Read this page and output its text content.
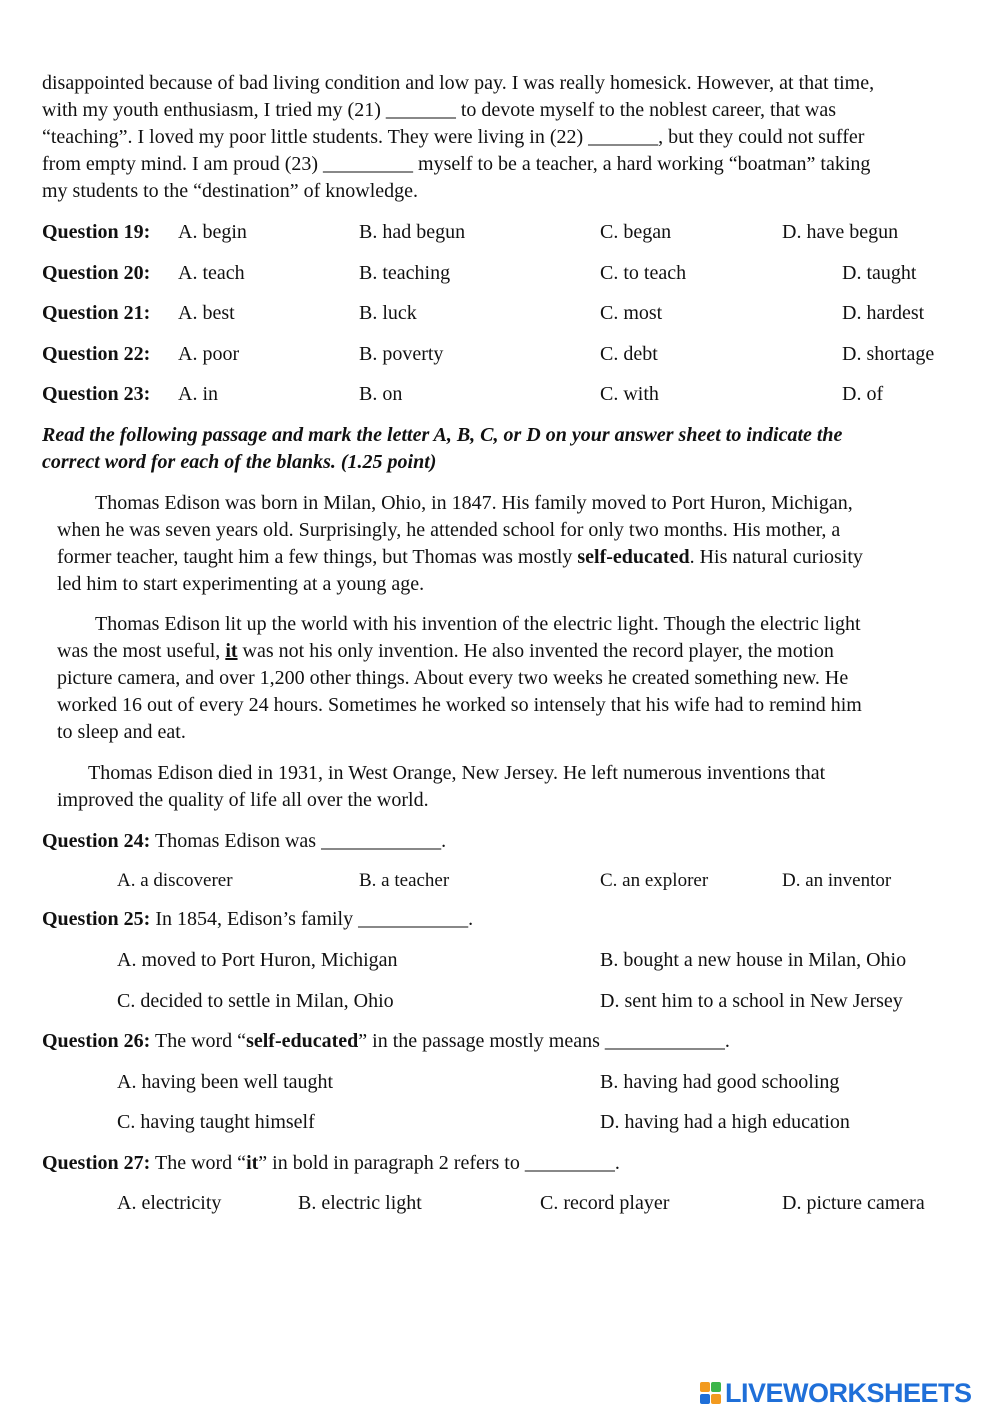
disappointed because of bad living condition and low pay. I was really homesick. However, at that time,
with my youth enthusiasm, I tried my (21) _______ to devote myself to the noblest career, that was
“teaching”. I loved my poor little students. They were living in (22) _______, but they could not suffer
from empty mind. I am proud (23) _________ myself to be a teacher, a hard working “boatman” taking
my students to the “destination” of knowledge.
Question 19: A. begin	B. had begun	C. began	D. have begun
Question 20: A. teach	B. teaching	C. to teach	D. taught
Question 21: A. best	B. luck	C. most	D. hardest
Question 22: A. poor	B. poverty	C. debt	D. shortage
Question 23: A. in	B. on	C. with	D. of
Read the following passage and mark the letter A, B, C, or D on your answer sheet to indicate the
correct word for each of the blanks. (1.25 point)
Thomas Edison was born in Milan, Ohio, in 1847. His family moved to Port Huron, Michigan,
when he was seven years old. Surprisingly, he attended school for only two months. His mother, a
former teacher, taught him a few things, but Thomas was mostly self-educated. His natural curiosity
led him to start experimenting at a young age.
Thomas Edison lit up the world with his invention of the electric light. Though the electric light
was the most useful, it was not his only invention. He also invented the record player, the motion
picture camera, and over 1,200 other things. About every two weeks he created something new. He
worked 16 out of every 24 hours. Sometimes he worked so intensely that his wife had to remind him
to sleep and eat.
Thomas Edison died in 1931, in West Orange, New Jersey. He left numerous inventions that
improved the quality of life all over the world.
Question 24: Thomas Edison was ____________.
A. a discoverer	B. a teacher	C. an explorer	D. an inventor
Question 25: In 1854, Edison’s family ___________.
A. moved to Port Huron, Michigan	B. bought a new house in Milan, Ohio
C. decided to settle in Milan, Ohio	D. sent him to a school in New Jersey
Question 26: The word “self-educated” in the passage mostly means ____________.
A. having been well taught	B. having had good schooling
C. having taught himself	D. having had a high education
Question 27: The word “it” in bold in paragraph 2 refers to _________.
A. electricity	B. electric light	C. record player	D. picture camera
LIVEWORKSHEETS
